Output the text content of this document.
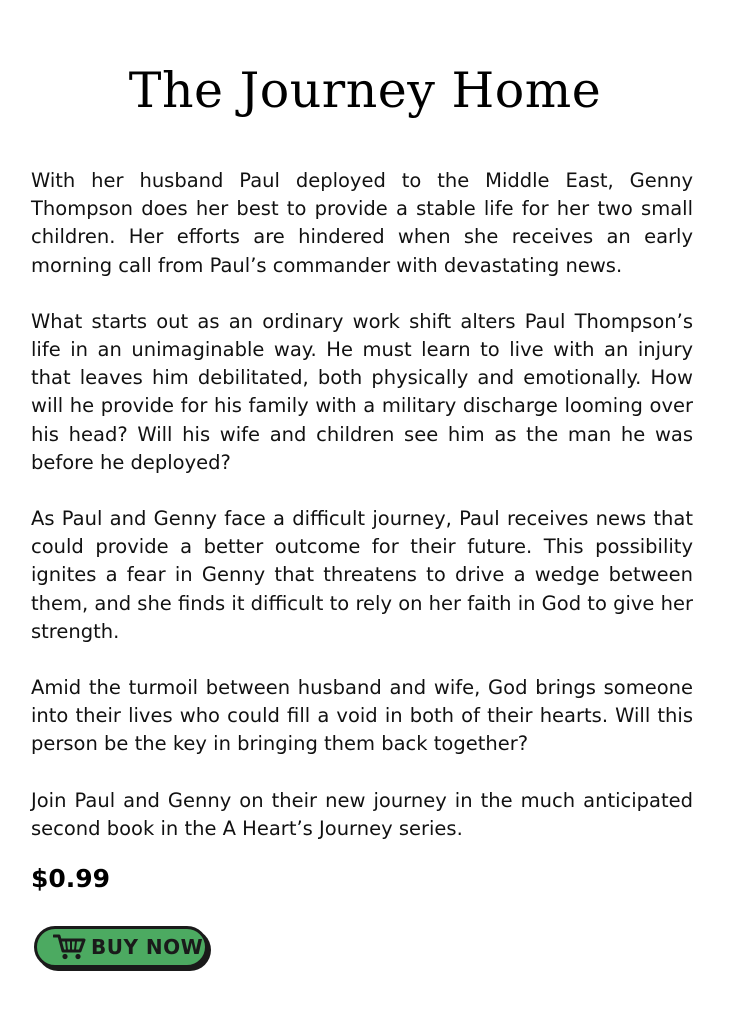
The Journey Home

With her husband Paul deployed to the Middle East, Genny Thompson does her best to provide a stable life for her two small children. Her efforts are hindered when she receives an early morning call from Paul’s commander with devastating news.

What starts out as an ordinary work shift alters Paul Thompson’s life in an unimaginable way. He must learn to live with an injury that leaves him debilitated, both physically and emotionally. How will he provide for his family with a military discharge looming over his head? Will his wife and children see him as the man he was before he deployed?

As Paul and Genny face a difficult journey, Paul receives news that could provide a better outcome for their future. This possibility ignites a fear in Genny that threatens to drive a wedge between them, and she finds it difficult to rely on her faith in God to give her strength.

Amid the turmoil between husband and wife, God brings someone into their lives who could fill a void in both of their hearts. Will this person be the key in bringing them back together?

Join Paul and Genny on their new journey in the much anticipated second book in the A Heart’s Journey series.

$0.99
BUY NOW
